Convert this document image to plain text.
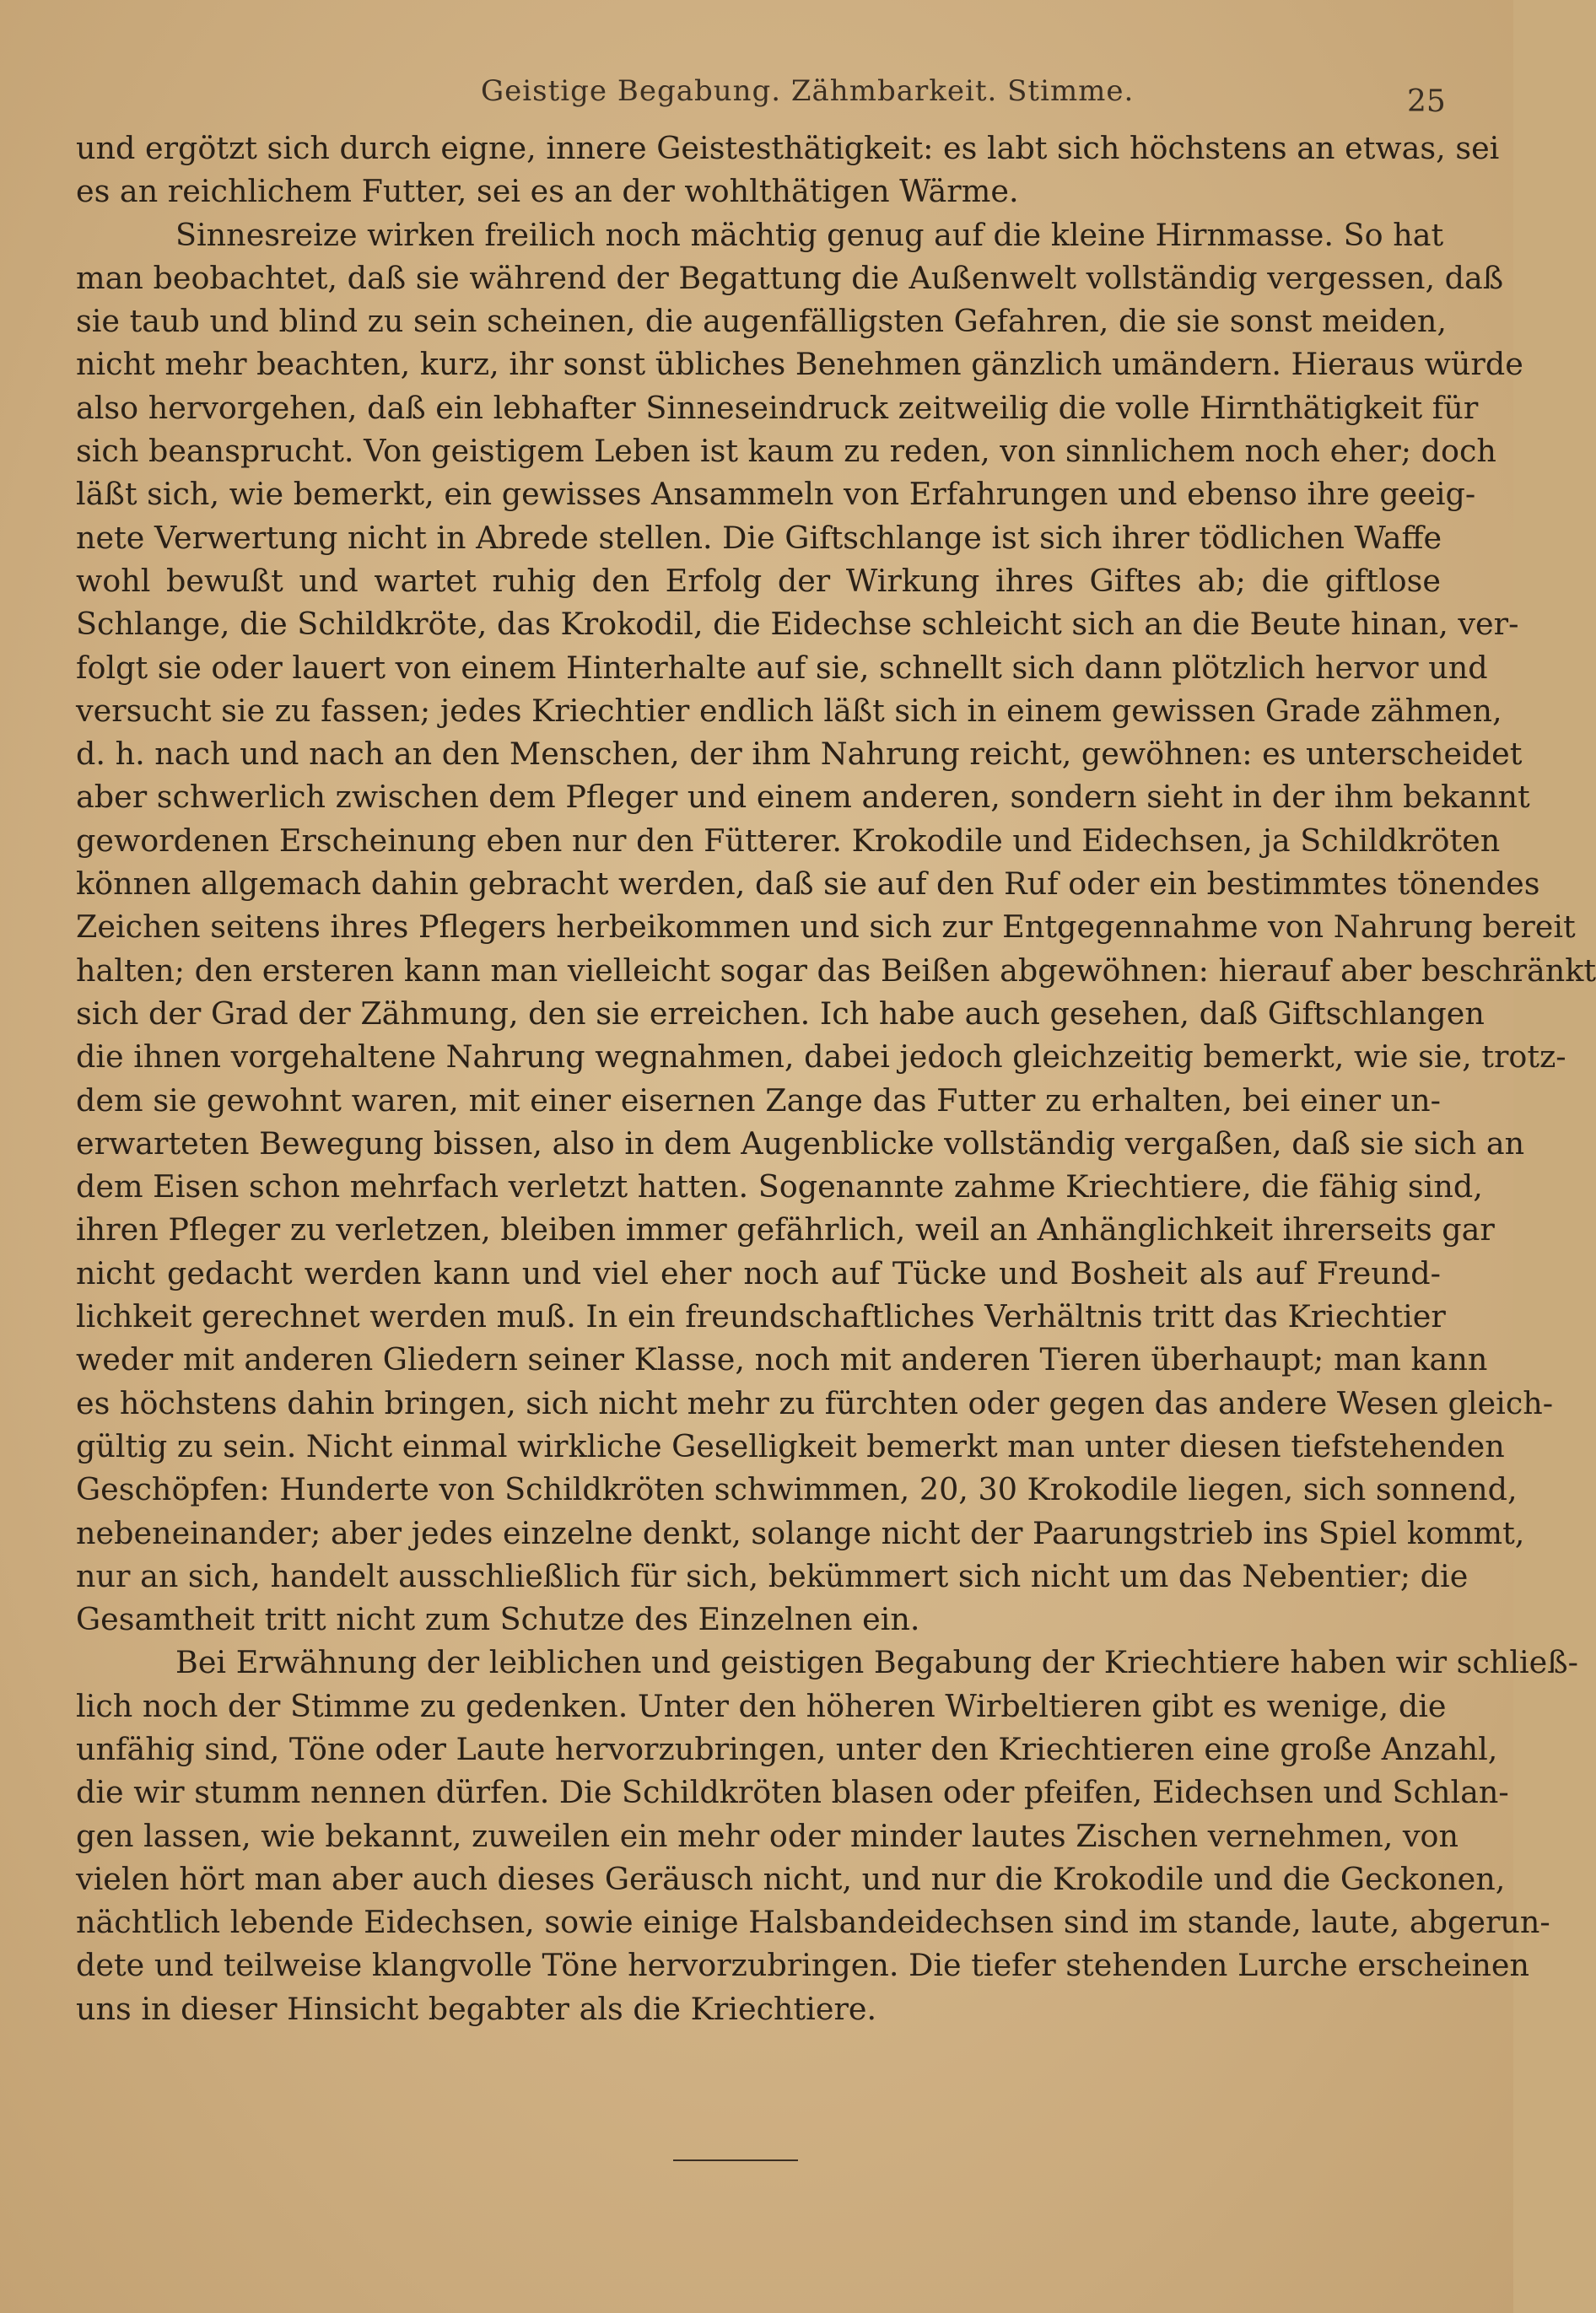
Geistige Begabung. Zähmbarkeit. Stimme.	25
und ergötzt sich durch eigne, innere Geistesthätigkeit: es labt sich höchstens an etwas, sei
es an reichlichem Futter, sei es an der wohlthätigen Wärme.
Sinnesreize wirken freilich noch mächtig genug auf die kleine Hirnmasse. So hat
man beobachtet, daß sie während der Begattung die Außenwelt vollständig vergessen, daß
sie taub und blind zu sein scheinen, die augenfälligsten Gefahren, die sie sonst meiden,
nicht mehr beachten, kurz, ihr sonst übliches Benehmen gänzlich umändern. Hieraus würde
also hervorgehen, daß ein lebhafter Sinneseindruck zeitweilig die volle Hirnthätigkeit für
sich beansprucht. Von geistigem Leben ist kaum zu reden, von sinnlichem noch eher; doch
läßt sich, wie bemerkt, ein gewisses Ansammeln von Erfahrungen und ebenso ihre geeig-
nete Verwertung nicht in Abrede stellen. Die Giftschlange ist sich ihrer tödlichen Waffe
wohl bewußt und wartet ruhig den Erfolg der Wirkung ihres Giftes ab; die giftlose
Schlange, die Schildkröte, das Krokodil, die Eidechse schleicht sich an die Beute hinan, ver-
folgt sie oder lauert von einem Hinterhalte auf sie, schnellt sich dann plötzlich hervor und
versucht sie zu fassen; jedes Kriechtier endlich läßt sich in einem gewissen Grade zähmen,
d. h. nach und nach an den Menschen, der ihm Nahrung reicht, gewöhnen: es unterscheidet
aber schwerlich zwischen dem Pfleger und einem anderen, sondern sieht in der ihm bekannt
gewordenen Erscheinung eben nur den Fütterer. Krokodile und Eidechsen, ja Schildkröten
können allgemach dahin gebracht werden, daß sie auf den Ruf oder ein bestimmtes tönendes
Zeichen seitens ihres Pflegers herbeikommen und sich zur Entgegennahme von Nahrung bereit
halten; den ersteren kann man vielleicht sogar das Beißen abgewöhnen: hierauf aber beschränkt
sich der Grad der Zähmung, den sie erreichen. Ich habe auch gesehen, daß Giftschlangen
die ihnen vorgehaltene Nahrung wegnahmen, dabei jedoch gleichzeitig bemerkt, wie sie, trotz-
dem sie gewohnt waren, mit einer eisernen Zange das Futter zu erhalten, bei einer un-
erwarteten Bewegung bissen, also in dem Augenblicke vollständig vergaßen, daß sie sich an
dem Eisen schon mehrfach verletzt hatten. Sogenannte zahme Kriechtiere, die fähig sind,
ihren Pfleger zu verletzen, bleiben immer gefährlich, weil an Anhänglichkeit ihrerseits gar
nicht gedacht werden kann und viel eher noch auf Tücke und Bosheit als auf Freund-
lichkeit gerechnet werden muß. In ein freundschaftliches Verhältnis tritt das Kriechtier
weder mit anderen Gliedern seiner Klasse, noch mit anderen Tieren überhaupt; man kann
es höchstens dahin bringen, sich nicht mehr zu fürchten oder gegen das andere Wesen gleich-
gültig zu sein. Nicht einmal wirkliche Geselligkeit bemerkt man unter diesen tiefstehenden
Geschöpfen: Hunderte von Schildkröten schwimmen, 20, 30 Krokodile liegen, sich sonnend,
nebeneinander; aber jedes einzelne denkt, solange nicht der Paarungstrieb ins Spiel kommt,
nur an sich, handelt ausschließlich für sich, bekümmert sich nicht um das Nebentier; die
Gesamtheit tritt nicht zum Schutze des Einzelnen ein.
Bei Erwähnung der leiblichen und geistigen Begabung der Kriechtiere haben wir schließ-
lich noch der Stimme zu gedenken. Unter den höheren Wirbeltieren gibt es wenige, die
unfähig sind, Töne oder Laute hervorzubringen, unter den Kriechtieren eine große Anzahl,
die wir stumm nennen dürfen. Die Schildkröten blasen oder pfeifen, Eidechsen und Schlan-
gen lassen, wie bekannt, zuweilen ein mehr oder minder lautes Zischen vernehmen, von
vielen hört man aber auch dieses Geräusch nicht, und nur die Krokodile und die Geckonen,
nächtlich lebende Eidechsen, sowie einige Halsbandeidechsen sind im stande, laute, abgerun-
dete und teilweise klangvolle Töne hervorzubringen. Die tiefer stehenden Lurche erscheinen
uns in dieser Hinsicht begabter als die Kriechtiere.
